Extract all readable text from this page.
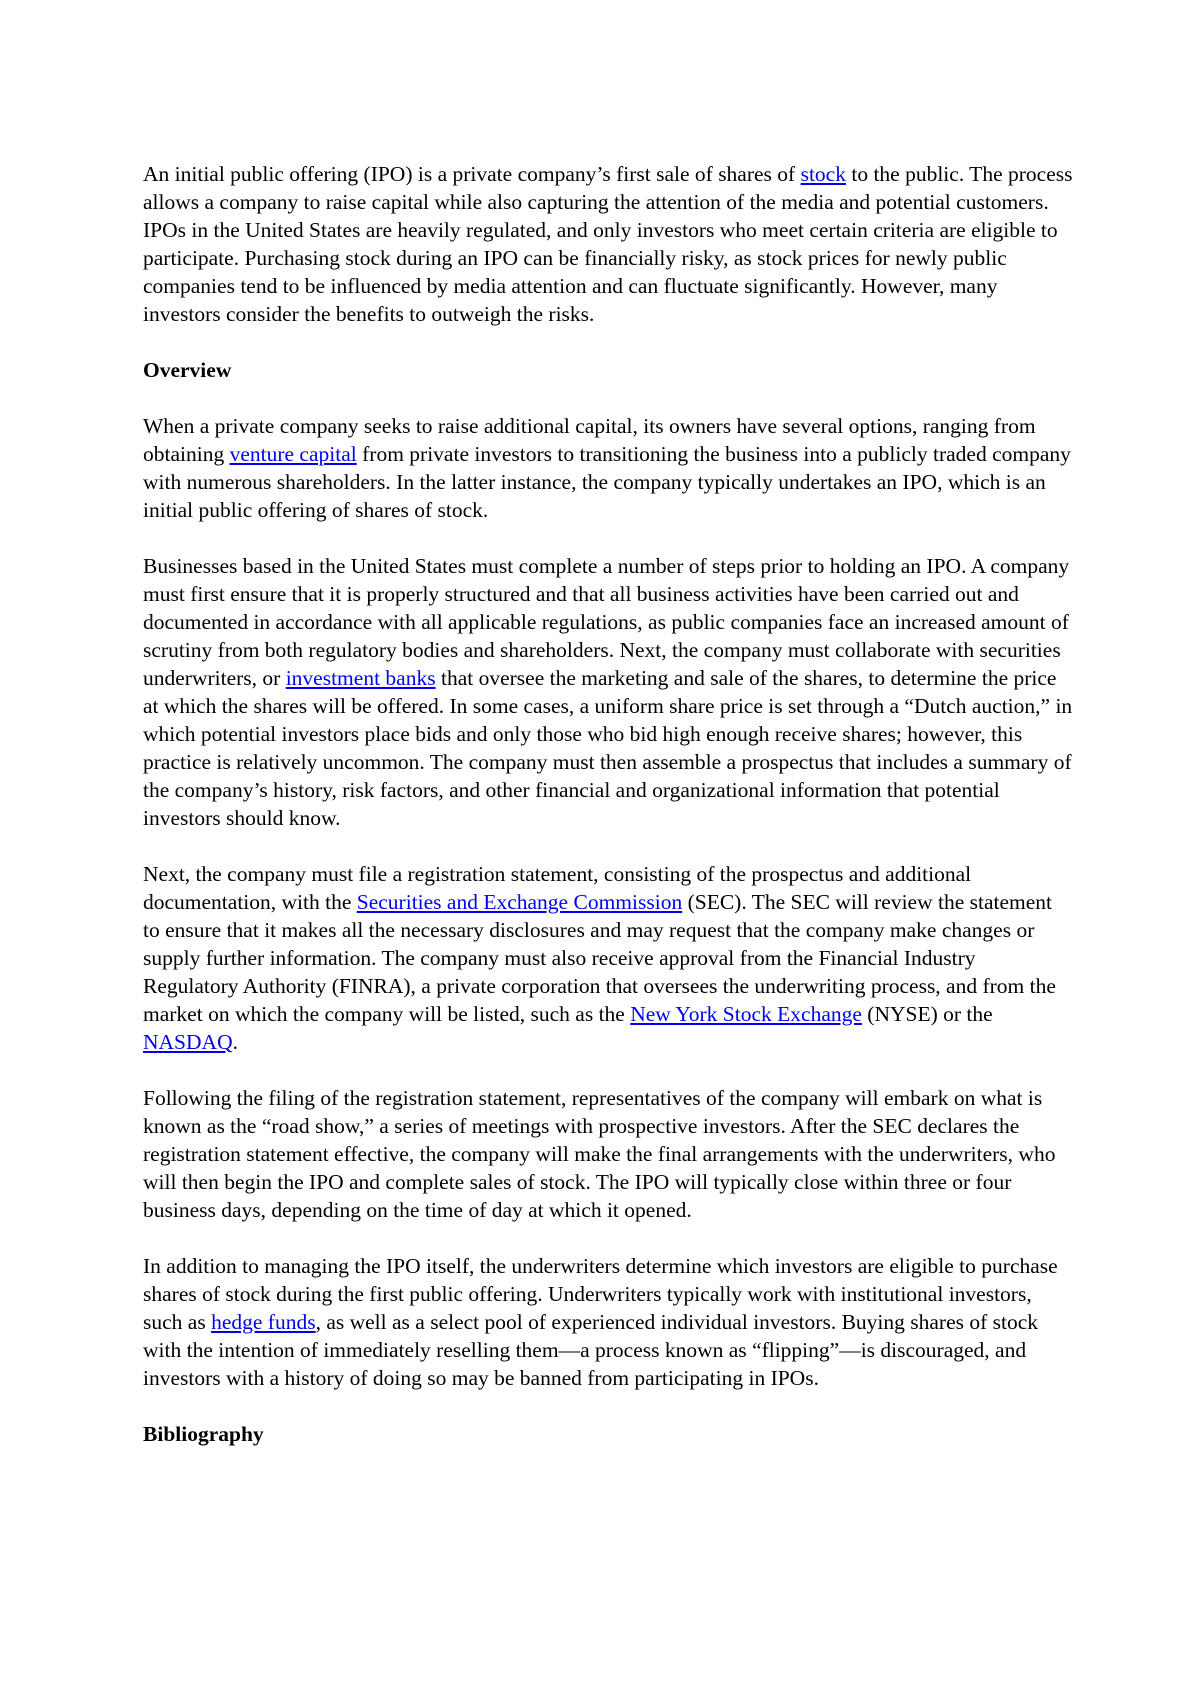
An initial public offering (IPO) is a private company’s first sale of shares of stock to the public. The process allows a company to raise capital while also capturing the attention of the media and potential customers. IPOs in the United States are heavily regulated, and only investors who meet certain criteria are eligible to participate. Purchasing stock during an IPO can be financially risky, as stock prices for newly public companies tend to be influenced by media attention and can fluctuate significantly. However, many investors consider the benefits to outweigh the risks.

Overview

When a private company seeks to raise additional capital, its owners have several options, ranging from obtaining venture capital from private investors to transitioning the business into a publicly traded company with numerous shareholders. In the latter instance, the company typically undertakes an IPO, which is an initial public offering of shares of stock.

Businesses based in the United States must complete a number of steps prior to holding an IPO. A company must first ensure that it is properly structured and that all business activities have been carried out and documented in accordance with all applicable regulations, as public companies face an increased amount of scrutiny from both regulatory bodies and shareholders. Next, the company must collaborate with securities underwriters, or investment banks that oversee the marketing and sale of the shares, to determine the price at which the shares will be offered. In some cases, a uniform share price is set through a “Dutch auction,” in which potential investors place bids and only those who bid high enough receive shares; however, this practice is relatively uncommon. The company must then assemble a prospectus that includes a summary of the company’s history, risk factors, and other financial and organizational information that potential investors should know.

Next, the company must file a registration statement, consisting of the prospectus and additional documentation, with the Securities and Exchange Commission (SEC). The SEC will review the statement to ensure that it makes all the necessary disclosures and may request that the company make changes or supply further information. The company must also receive approval from the Financial Industry Regulatory Authority (FINRA), a private corporation that oversees the underwriting process, and from the market on which the company will be listed, such as the New York Stock Exchange (NYSE) or the NASDAQ.

Following the filing of the registration statement, representatives of the company will embark on what is known as the “road show,” a series of meetings with prospective investors. After the SEC declares the registration statement effective, the company will make the final arrangements with the underwriters, who will then begin the IPO and complete sales of stock. The IPO will typically close within three or four business days, depending on the time of day at which it opened.

In addition to managing the IPO itself, the underwriters determine which investors are eligible to purchase shares of stock during the first public offering. Underwriters typically work with institutional investors, such as hedge funds, as well as a select pool of experienced individual investors. Buying shares of stock with the intention of immediately reselling them—a process known as “flipping”—is discouraged, and investors with a history of doing so may be banned from participating in IPOs.

Bibliography
